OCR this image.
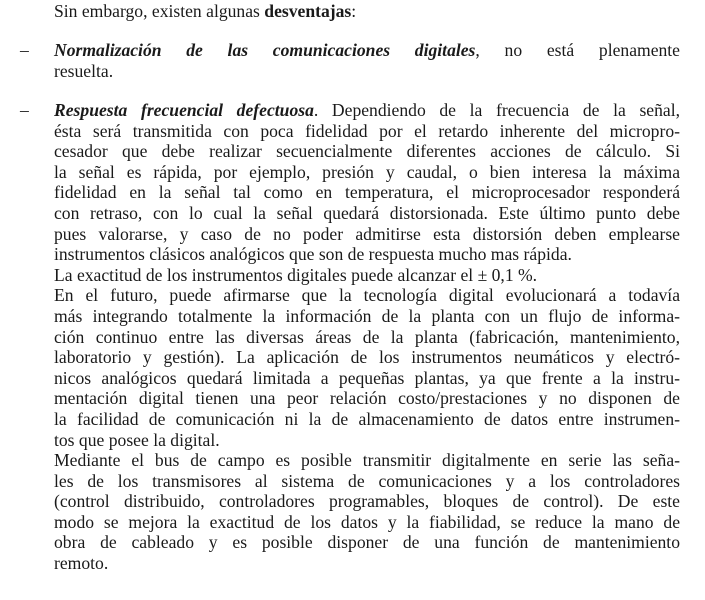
Sin embargo, existen algunas desventajas:

– Normalización de las comunicaciones digitales, no está plenamente
resuelta.
– Respuesta frecuencial defectuosa. Dependiendo de la frecuencia de la señal,
ésta será transmitida con poca fidelidad por el retardo inherente del micropro-
cesador que debe realizar secuencialmente diferentes acciones de cálculo. Si
la señal es rápida, por ejemplo, presión y caudal, o bien interesa la máxima
fidelidad en la señal tal como en temperatura, el microprocesador responderá
con retraso, con lo cual la señal quedará distorsionada. Este último punto debe
pues valorarse, y caso de no poder admitirse esta distorsión deben emplearse
instrumentos clásicos analógicos que son de respuesta mucho mas rápida.
La exactitud de los instrumentos digitales puede alcanzar el ± 0,1 %.
En el futuro, puede afirmarse que la tecnología digital evolucionará a todavía
más integrando totalmente la información de la planta con un flujo de informa-
ción continuo entre las diversas áreas de la planta (fabricación, mantenimiento,
laboratorio y gestión). La aplicación de los instrumentos neumáticos y electró-
nicos analógicos quedará limitada a pequeñas plantas, ya que frente a la instru-
mentación digital tienen una peor relación costo/prestaciones y no disponen de
la facilidad de comunicación ni la de almacenamiento de datos entre instrumen-
tos que posee la digital.
Mediante el bus de campo es posible transmitir digitalmente en serie las seña-
les de los transmisores al sistema de comunicaciones y a los controladores
(control distribuido, controladores programables, bloques de control). De este
modo se mejora la exactitud de los datos y la fiabilidad, se reduce la mano de
obra de cableado y es posible disponer de una función de mantenimiento
remoto.
